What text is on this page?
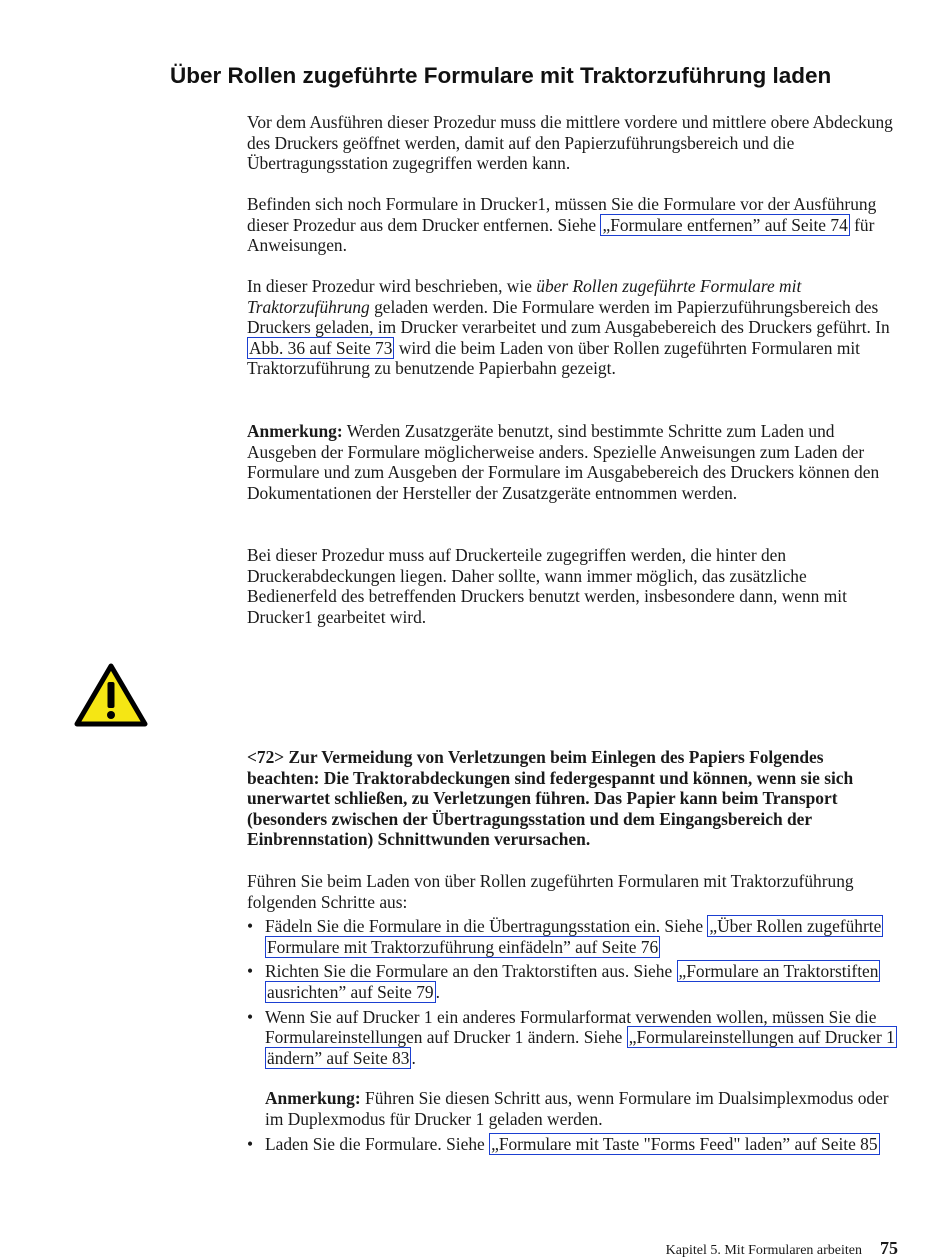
Über Rollen zugeführte Formulare mit Traktorzuführung laden

Vor dem Ausführen dieser Prozedur muss die mittlere vordere und mittlere obere Abdeckung des Druckers geöffnet werden, damit auf den Papierzuführungsbereich und die Übertragungsstation zugegriffen werden kann.

Befinden sich noch Formulare in Drucker1, müssen Sie die Formulare vor der Ausführung dieser Prozedur aus dem Drucker entfernen. Siehe „Formulare entfernen” auf Seite 74 für Anweisungen.

In dieser Prozedur wird beschrieben, wie über Rollen zugeführte Formulare mit Traktorzuführung geladen werden. Die Formulare werden im Papierzuführungsbereich des Druckers geladen, im Drucker verarbeitet und zum Ausgabebereich des Druckers geführt. In Abb. 36 auf Seite 73 wird die beim Laden von über Rollen zugeführten Formularen mit Traktorzuführung zu benutzende Papierbahn gezeigt.

Anmerkung: Werden Zusatzgeräte benutzt, sind bestimmte Schritte zum Laden und Ausgeben der Formulare möglicherweise anders. Spezielle Anweisungen zum Laden der Formulare und zum Ausgeben der Formulare im Ausgabebereich des Druckers können den Dokumentationen der Hersteller der Zusatzgeräte entnommen werden.

Bei dieser Prozedur muss auf Druckerteile zugegriffen werden, die hinter den Druckerabdeckungen liegen. Daher sollte, wann immer möglich, das zusätzliche Bedienerfeld des betreffenden Druckers benutzt werden, insbesondere dann, wenn mit Drucker1 gearbeitet wird.

<72> Zur Vermeidung von Verletzungen beim Einlegen des Papiers Folgendes beachten: Die Traktorabdeckungen sind federgespannt und können, wenn sie sich unerwartet schließen, zu Verletzungen führen. Das Papier kann beim Transport (besonders zwischen der Übertragungsstation und dem Eingangsbereich der Einbrennstation) Schnittwunden verursachen.

Führen Sie beim Laden von über Rollen zugeführten Formularen mit Traktorzuführung folgenden Schritte aus:

• Fädeln Sie die Formulare in die Übertragungsstation ein. Siehe „Über Rollen zugeführte Formulare mit Traktorzuführung einfädeln” auf Seite 76
• Richten Sie die Formulare an den Traktorstiften aus. Siehe „Formulare an Traktorstiften ausrichten” auf Seite 79 .
• Wenn Sie auf Drucker 1 ein anderes Formularformat verwenden wollen, müssen Sie die Formulareinstellungen auf Drucker 1 ändern. Siehe „Formulareinstellungen auf Drucker 1 ändern” auf Seite 83 .
Anmerkung: Führen Sie diesen Schritt aus, wenn Formulare im Dualsimplexmodus oder im Duplexmodus für Drucker 1 geladen werden.
• Laden Sie die Formulare. Siehe „Formulare mit Taste "Forms Feed" laden” auf Seite 85
Kapitel 5. Mit Formularen arbeiten 75
